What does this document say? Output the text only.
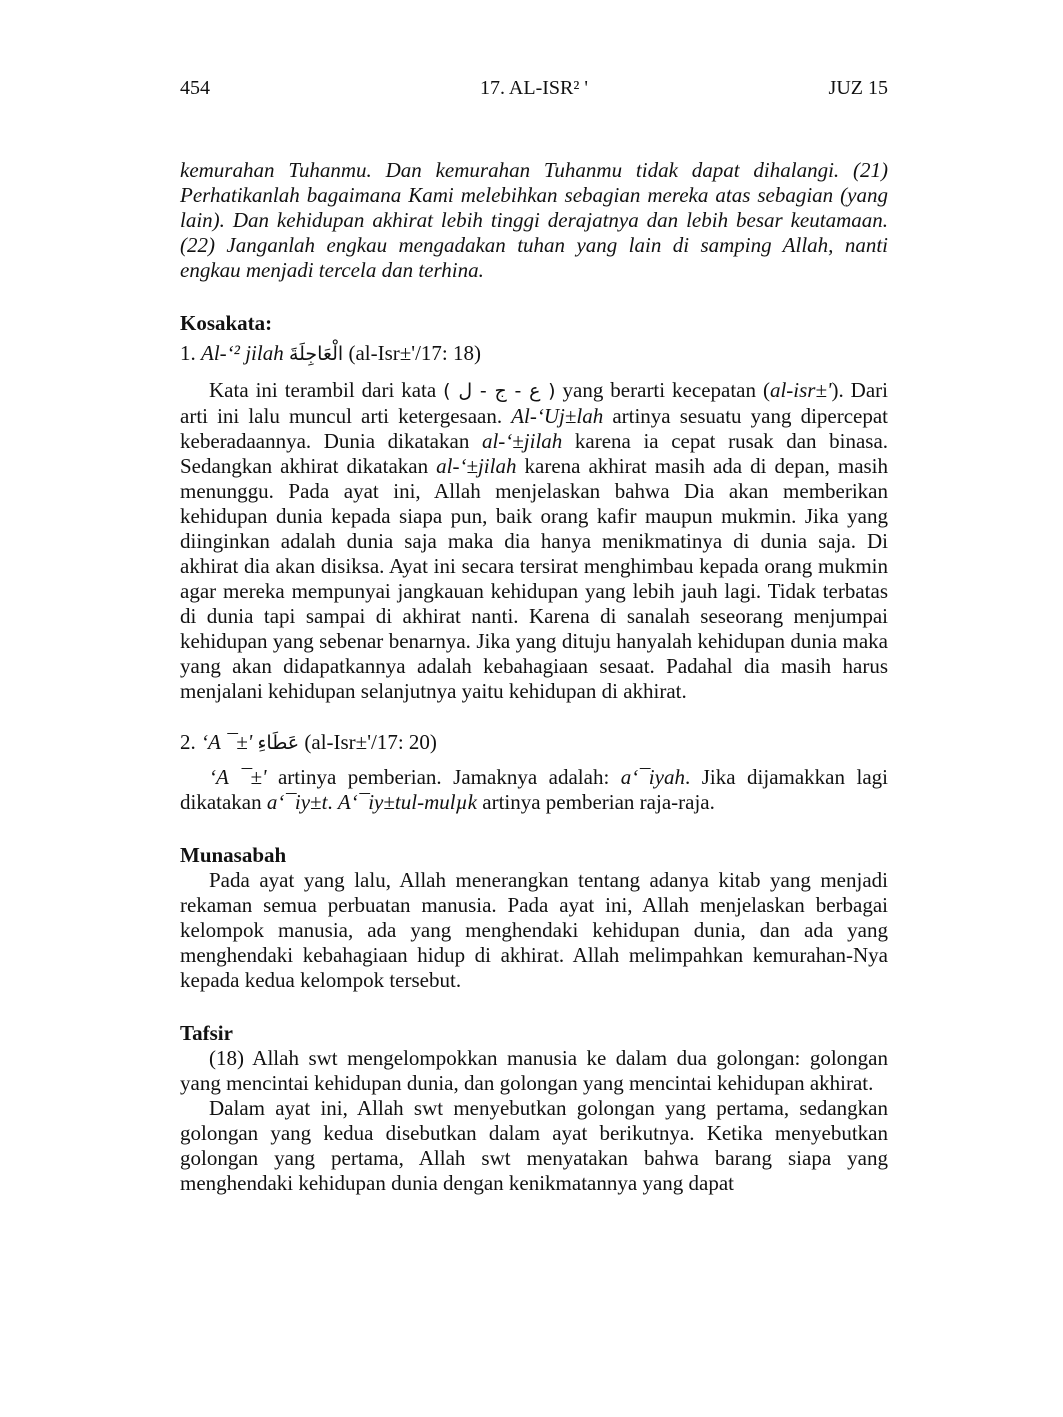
454	17. AL-ISR² '	JUZ 15

kemurahan Tuhanmu. Dan kemurahan Tuhanmu tidak dapat dihalangi. (21) Perhatikanlah bagaimana Kami melebihkan sebagian mereka atas sebagian (yang lain). Dan kehidupan akhirat lebih tinggi derajatnya dan lebih besar keutamaan. (22) Janganlah engkau mengadakan tuhan yang lain di samping Allah, nanti engkau menjadi tercela dan terhina.

Kosakata:

1. Al-‘² jilah الْعَاجِلَةَ (al-Isr±'/17: 18)

Kata ini terambil dari kata ( ع - ج - ل ) yang berarti kecepatan (al-isr±'). Dari arti ini lalu muncul arti ketergesaan. Al-‘Uj±lah artinya sesuatu yang dipercepat keberadaannya. Dunia dikatakan al-‘±jilah karena ia cepat rusak dan binasa. Sedangkan akhirat dikatakan al-‘±jilah karena akhirat masih ada di depan, masih menunggu. Pada ayat ini, Allah menjelaskan bahwa Dia akan memberikan kehidupan dunia kepada siapa pun, baik orang kafir maupun mukmin. Jika yang diinginkan adalah dunia saja maka dia hanya menikmatinya di dunia saja. Di akhirat dia akan disiksa. Ayat ini secara tersirat menghimbau kepada orang mukmin agar mereka mempunyai jangkauan kehidupan yang lebih jauh lagi. Tidak terbatas di dunia tapi sampai di akhirat nanti. Karena di sanalah seseorang menjumpai kehidupan yang sebenar benarnya. Jika yang dituju hanyalah kehidupan dunia maka yang akan didapatkannya adalah kebahagiaan sesaat. Padahal dia masih harus menjalani kehidupan selanjutnya yaitu kehidupan di akhirat.

2. ‘A ¯±' عَطَاءِ (al-Isr±'/17: 20)

‘A ¯±' artinya pemberian. Jamaknya adalah: a‘¯iyah. Jika dijamakkan lagi dikatakan a‘¯iy±t. A‘¯iy±tul-mulµk artinya pemberian raja-raja.

Munasabah

Pada ayat yang lalu, Allah menerangkan tentang adanya kitab yang menjadi rekaman semua perbuatan manusia. Pada ayat ini, Allah menjelaskan berbagai kelompok manusia, ada yang menghendaki kehidupan dunia, dan ada yang menghendaki kebahagiaan hidup di akhirat. Allah melimpahkan kemurahan-Nya kepada kedua kelompok tersebut.

Tafsir

(18) Allah swt mengelompokkan manusia ke dalam dua golongan: golongan yang mencintai kehidupan dunia, dan golongan yang mencintai kehidupan akhirat.

Dalam ayat ini, Allah swt menyebutkan golongan yang pertama, sedangkan golongan yang kedua disebutkan dalam ayat berikutnya. Ketika menyebutkan golongan yang pertama, Allah swt menyatakan bahwa barang siapa yang menghendaki kehidupan dunia dengan kenikmatannya yang dapat
